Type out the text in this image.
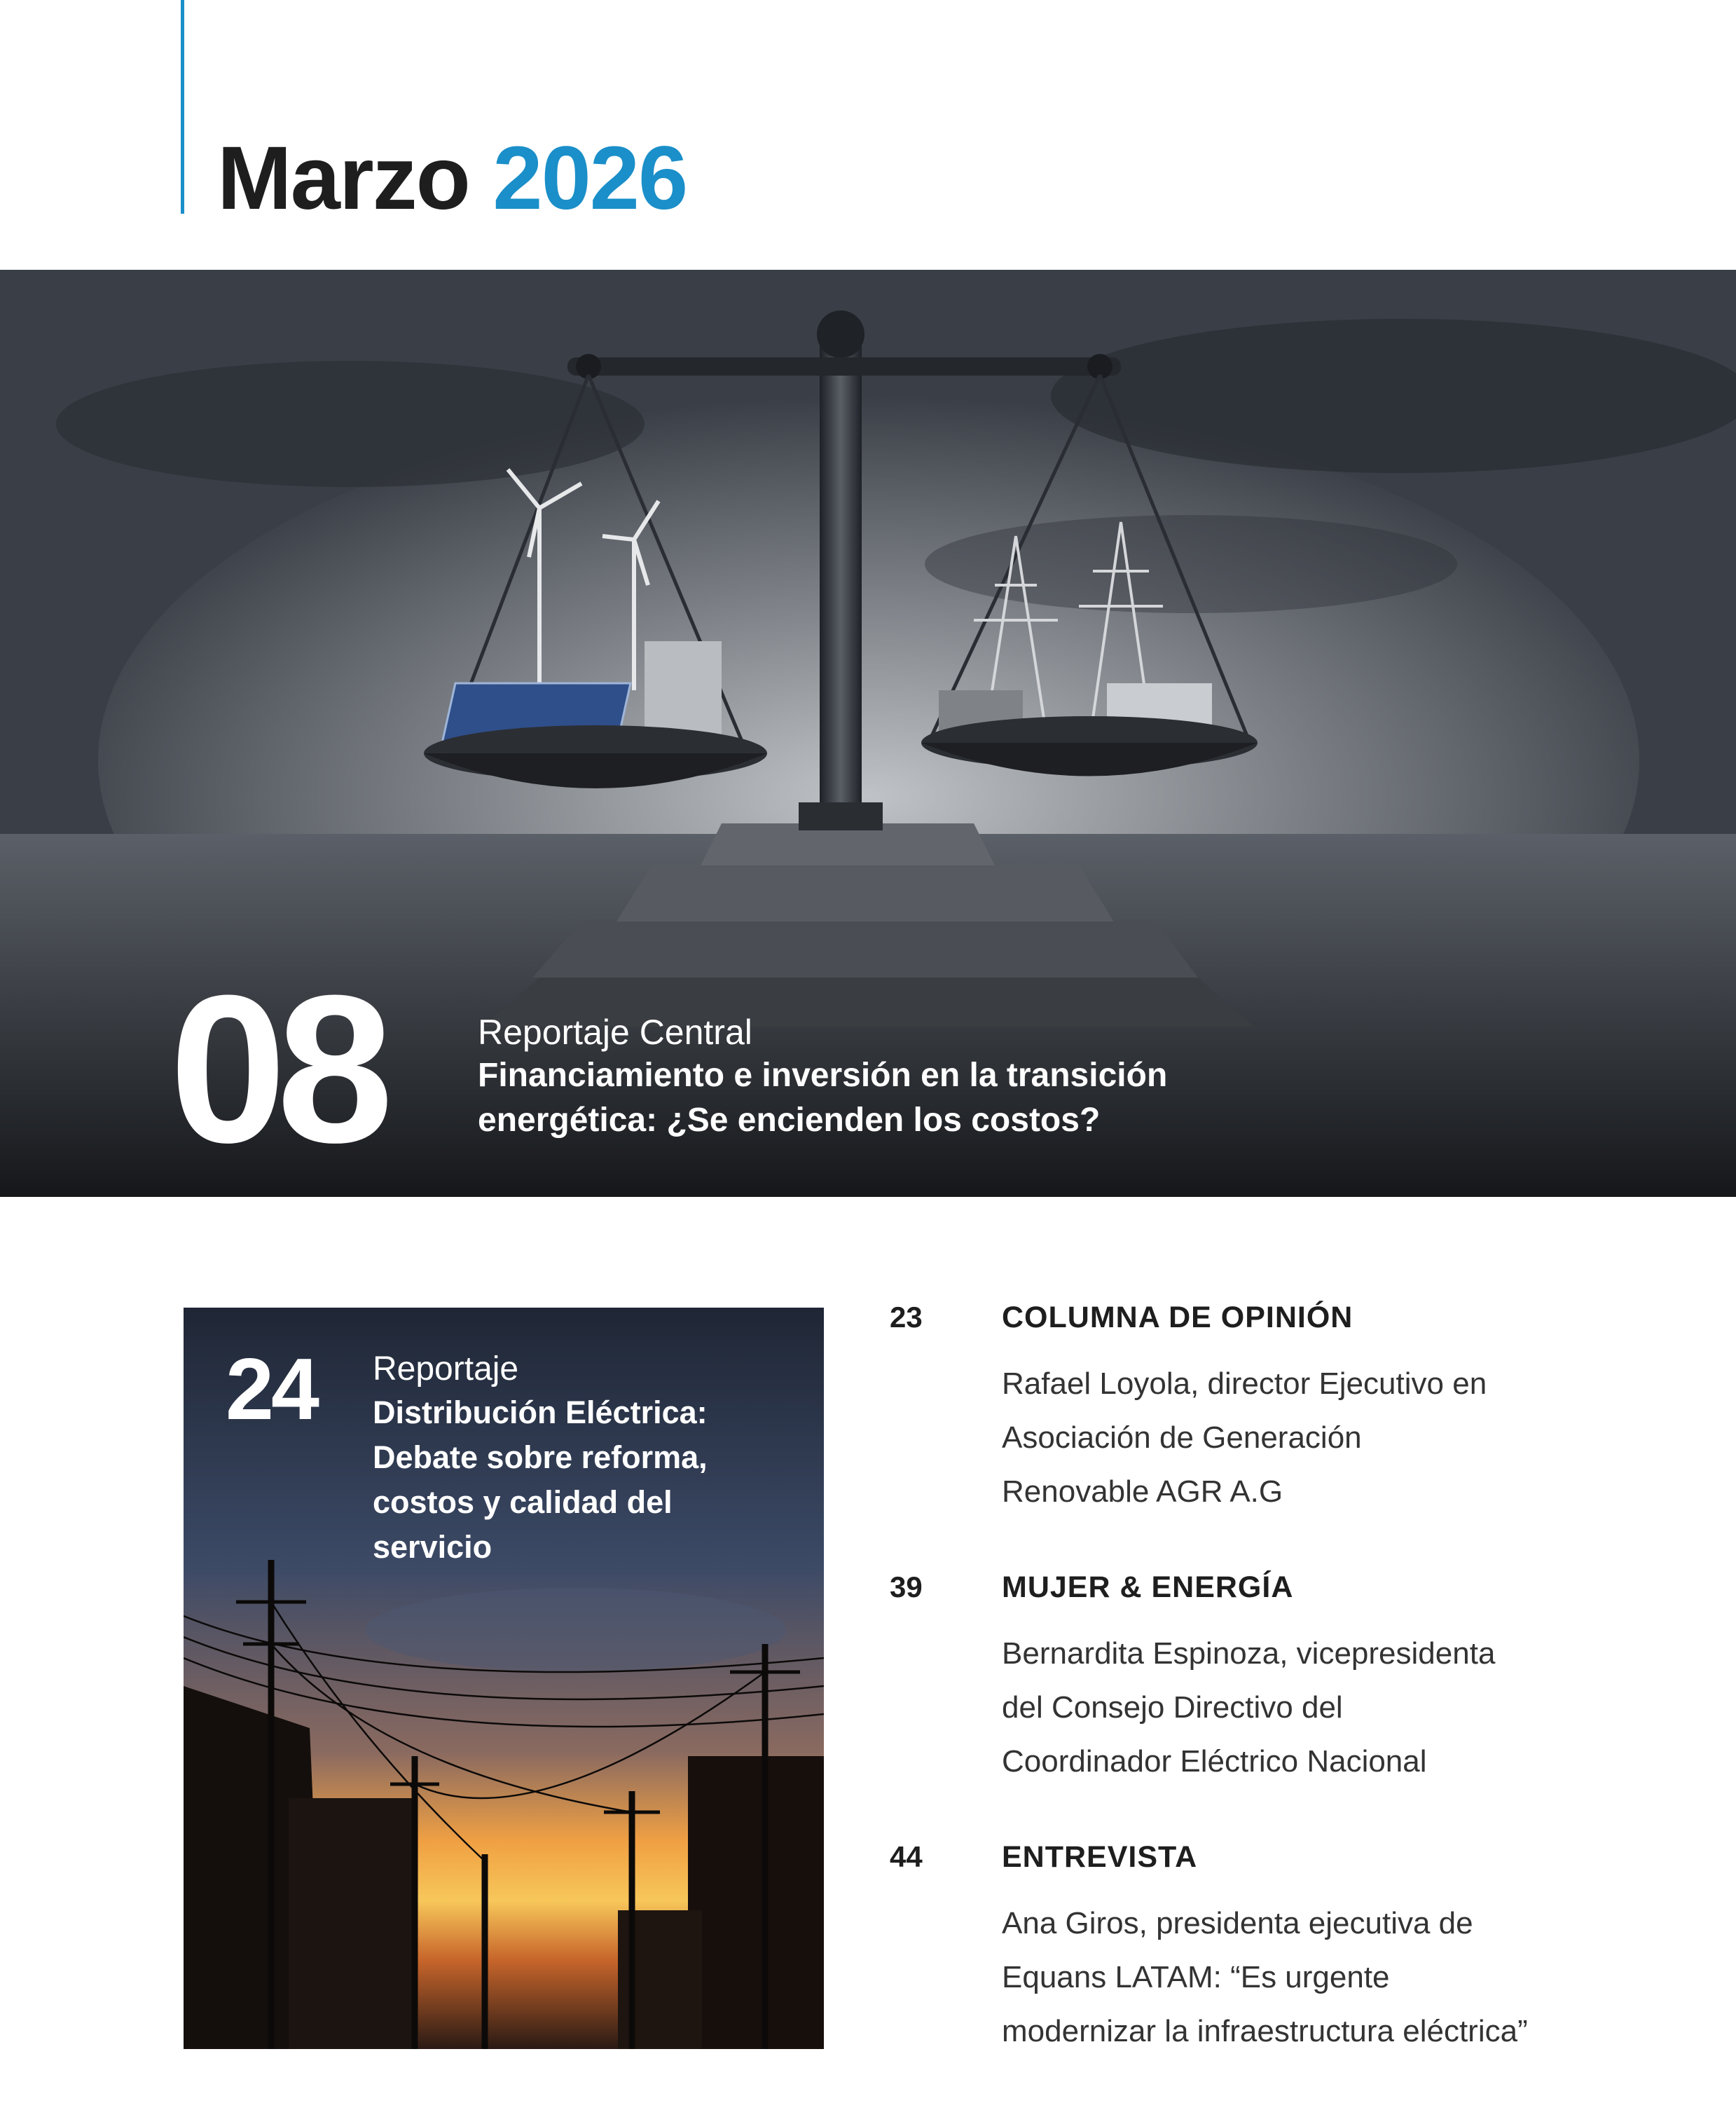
Marzo 2026
08	Reportaje Central
Financiamiento e inversión en la transición
energética: ¿Se encienden los costos?
24 Reportaje
Distribución Eléctrica:
Debate sobre reforma,
costos y calidad del
servicio
23	COLUMNA DE OPINIÓN
Rafael Loyola, director Ejecutivo en
Asociación de Generación
Renovable AGR A.G
39	MUJER & ENERGÍA
Bernardita Espinoza, vicepresidenta
del Consejo Directivo del
Coordinador Eléctrico Nacional
44	ENTREVISTA
Ana Giros, presidenta ejecutiva de
Equans LATAM: “Es urgente
modernizar la infraestructura eléctrica”
